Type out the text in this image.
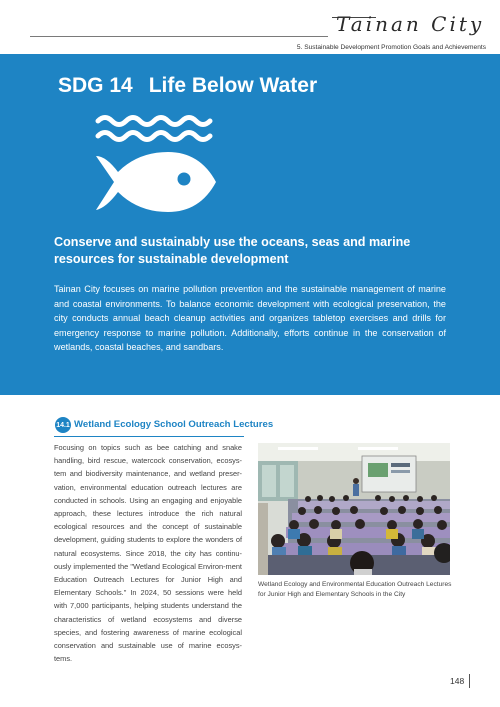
Tainan City
5. Sustainable Development Promotion Goals and Achievements
SDG 14 Life Below Water
Conserve and sustainably use the oceans, seas and marine resources for sustainable development
Tainan City focuses on marine pollution prevention and the sustainable management of marine and coastal environments. To balance economic development with ecological preservation, the city conducts annual beach cleanup activities and organizes tabletop exercises and drills for emergency response to marine pollution. Additionally, efforts continue in the conservation of wetlands, coastal beaches, and sandbars.
14.1 Wetland Ecology School Outreach Lectures
Focusing on topics such as bee catching and snake handling, bird rescue, watercock conservation, ecosys-tem and biodiversity maintenance, and wetland preser-vation, environmental education outreach lectures are conducted in schools. Using an engaging and enjoyable approach, these lectures introduce the rich natural ecological resources and the concept of sustainable development, guiding students to explore the wonders of natural ecosystems. Since 2018, the city has continu-ously implemented the "Wetland Ecological Environ-ment Education Outreach Lectures for Junior High and Elementary Schools." In 2024, 50 sessions were held with 7,000 participants, helping students understand the characteristics of wetland ecosystems and diverse species, and fostering awareness of marine ecological conservation and sustainable use of marine ecosys-tems.
Wetland Ecology and Environmental Education Outreach Lectures for Junior High and Elementary Schools in the City
148
